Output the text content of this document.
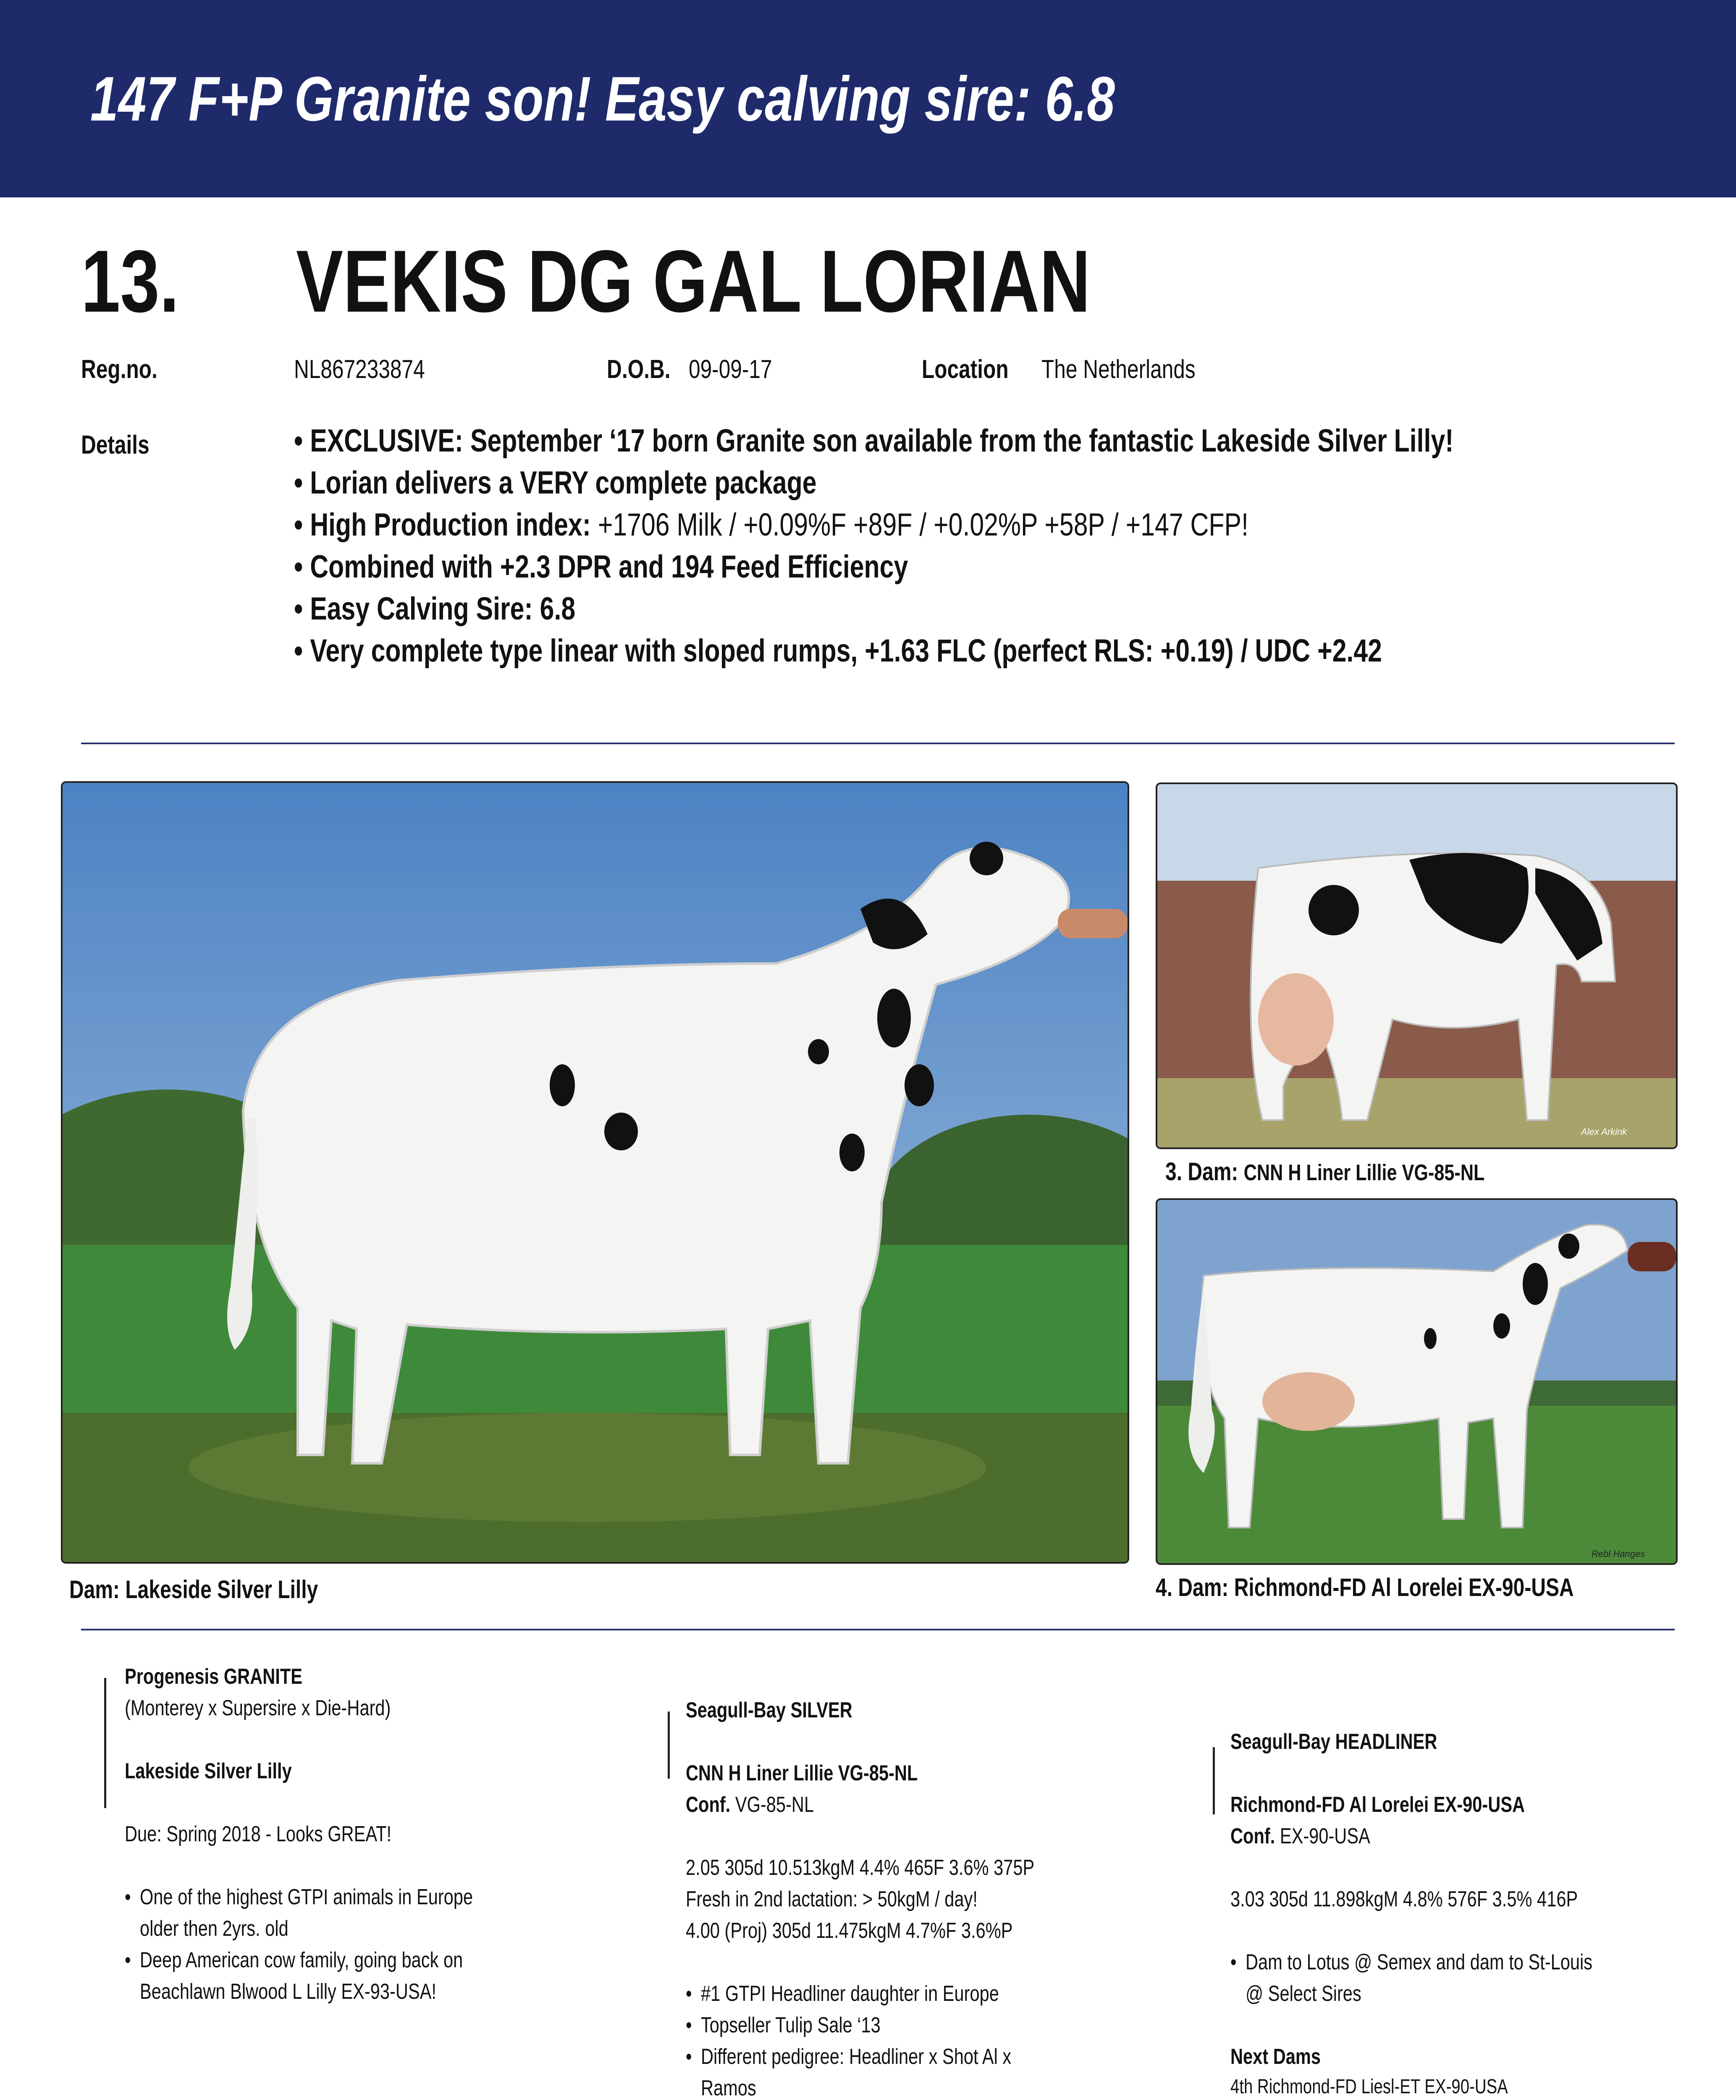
147 F+P Granite son! Easy calving sire: 6.8
13. VEKIS DG GAL LORIAN
Reg.no.	NL867233874	D.O.B. 09-09-17	Location	The Netherlands
Details	• EXCLUSIVE: September ‘17 born Granite son available from the fantastic Lakeside Silver Lilly!
• Lorian delivers a VERY complete package
• High Production index: +1706 Milk / +0.09%F +89F / +0.02%P +58P / +147 CFP!
• Combined with +2.3 DPR and 194 Feed Efficiency
• Easy Calving Sire: 6.8
• Very complete type linear with sloped rumps, +1.63 FLC (perfect RLS: +0.19) / UDC +2.42
Dam: Lakeside Silver Lilly
Alex Arkink
3. Dam: CNN H Liner Lillie VG-85-NL
Rebl Hanges
4. Dam: Richmond-FD Al Lorelei EX-90-USA
Progenesis GRANITE
(Monterey x Supersire x Die-Hard)
Lakeside Silver Lilly
Due: Spring 2018 - Looks GREAT!
• One of the highest GTPI animals in Europe
older then 2yrs. old
• Deep American cow family, going back on
Beachlawn Blwood L Lilly EX-93-USA!
Seagull-Bay SILVER
CNN H Liner Lillie VG-85-NL
Conf. VG-85-NL
2.05 305d 10.513kgM 4.4% 465F 3.6% 375P
Fresh in 2nd lactation: > 50kgM / day!
4.00 (Proj) 305d 11.475kgM 4.7%F 3.6%P
• #1 GTPI Headliner daughter in Europe
• Topseller Tulip Sale ‘13
• Different pedigree: Headliner x Shot Al x
Ramos
Seagull-Bay HEADLINER
Richmond-FD Al Lorelei EX-90-USA
Conf. EX-90-USA
3.03 305d 11.898kgM 4.8% 576F 3.5% 416P
• Dam to Lotus @ Semex and dam to St-Louis
@ Select Sires
Next Dams
4th Richmond-FD Liesl-ET EX-90-USA
